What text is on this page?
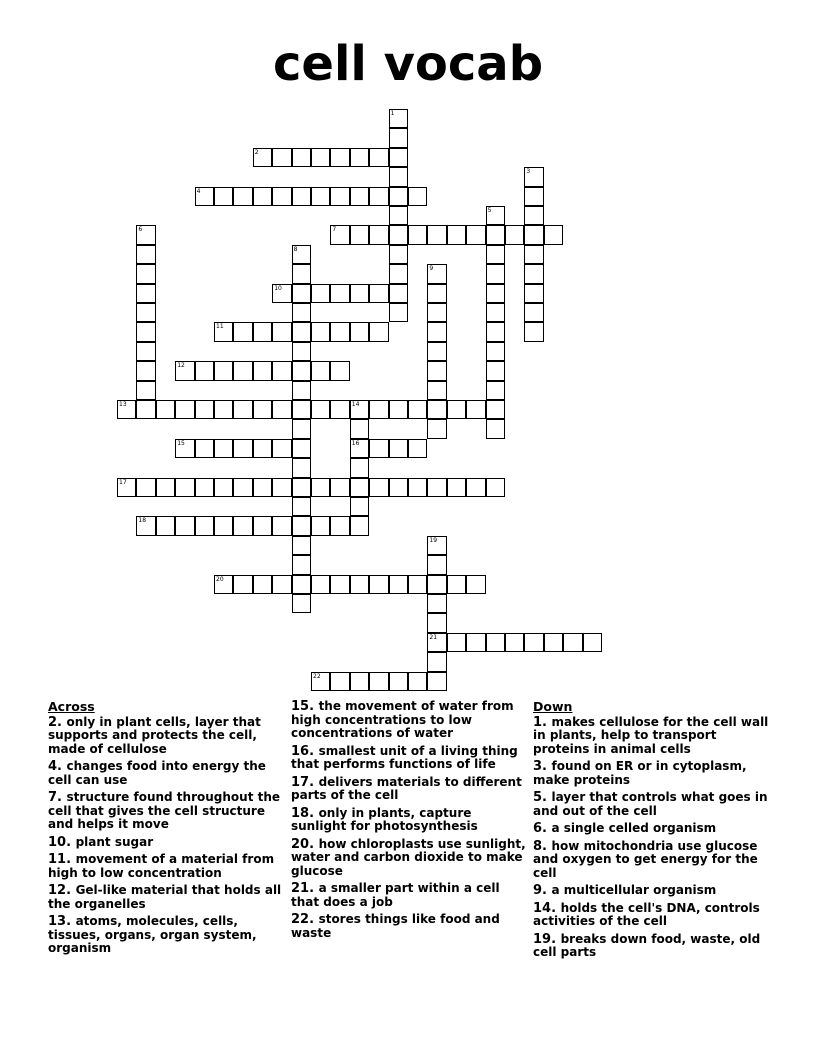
cell vocab
1
2
3
4
5
6	7
8
9
10
11
12
13	14
16
15
17
18
19
21
20
22
Across
2. only in plant cells, layer that supports and protects the cell, made of cellulose
4. changes food into energy the cell can use
7. structure found throughout the cell that gives the cell structure and helps it move
10. plant sugar
11. movement of a material from high to low concentration
12. Gel-like material that holds all the organelles
13. atoms, molecules, cells, tissues, organs, organ system, organism
15. the movement of water from high concentrations to low concentrations of water
16. smallest unit of a living thing that performs functions of life
17. delivers materials to different parts of the cell
18. only in plants, capture sunlight for photosynthesis
20. how chloroplasts use sunlight, water and carbon dioxide to make glucose
21. a smaller part within a cell that does a job
22. stores things like food and waste
Down
1. makes cellulose for the cell wall in plants, help to transport proteins in animal cells
3. found on ER or in cytoplasm, make proteins
5. layer that controls what goes in and out of the cell
6. a single celled organism
8. how mitochondria use glucose and oxygen to get energy for the cell
9. a multicellular organism
14. holds the cell's DNA, controls activities of the cell
19. breaks down food, waste, old cell parts
